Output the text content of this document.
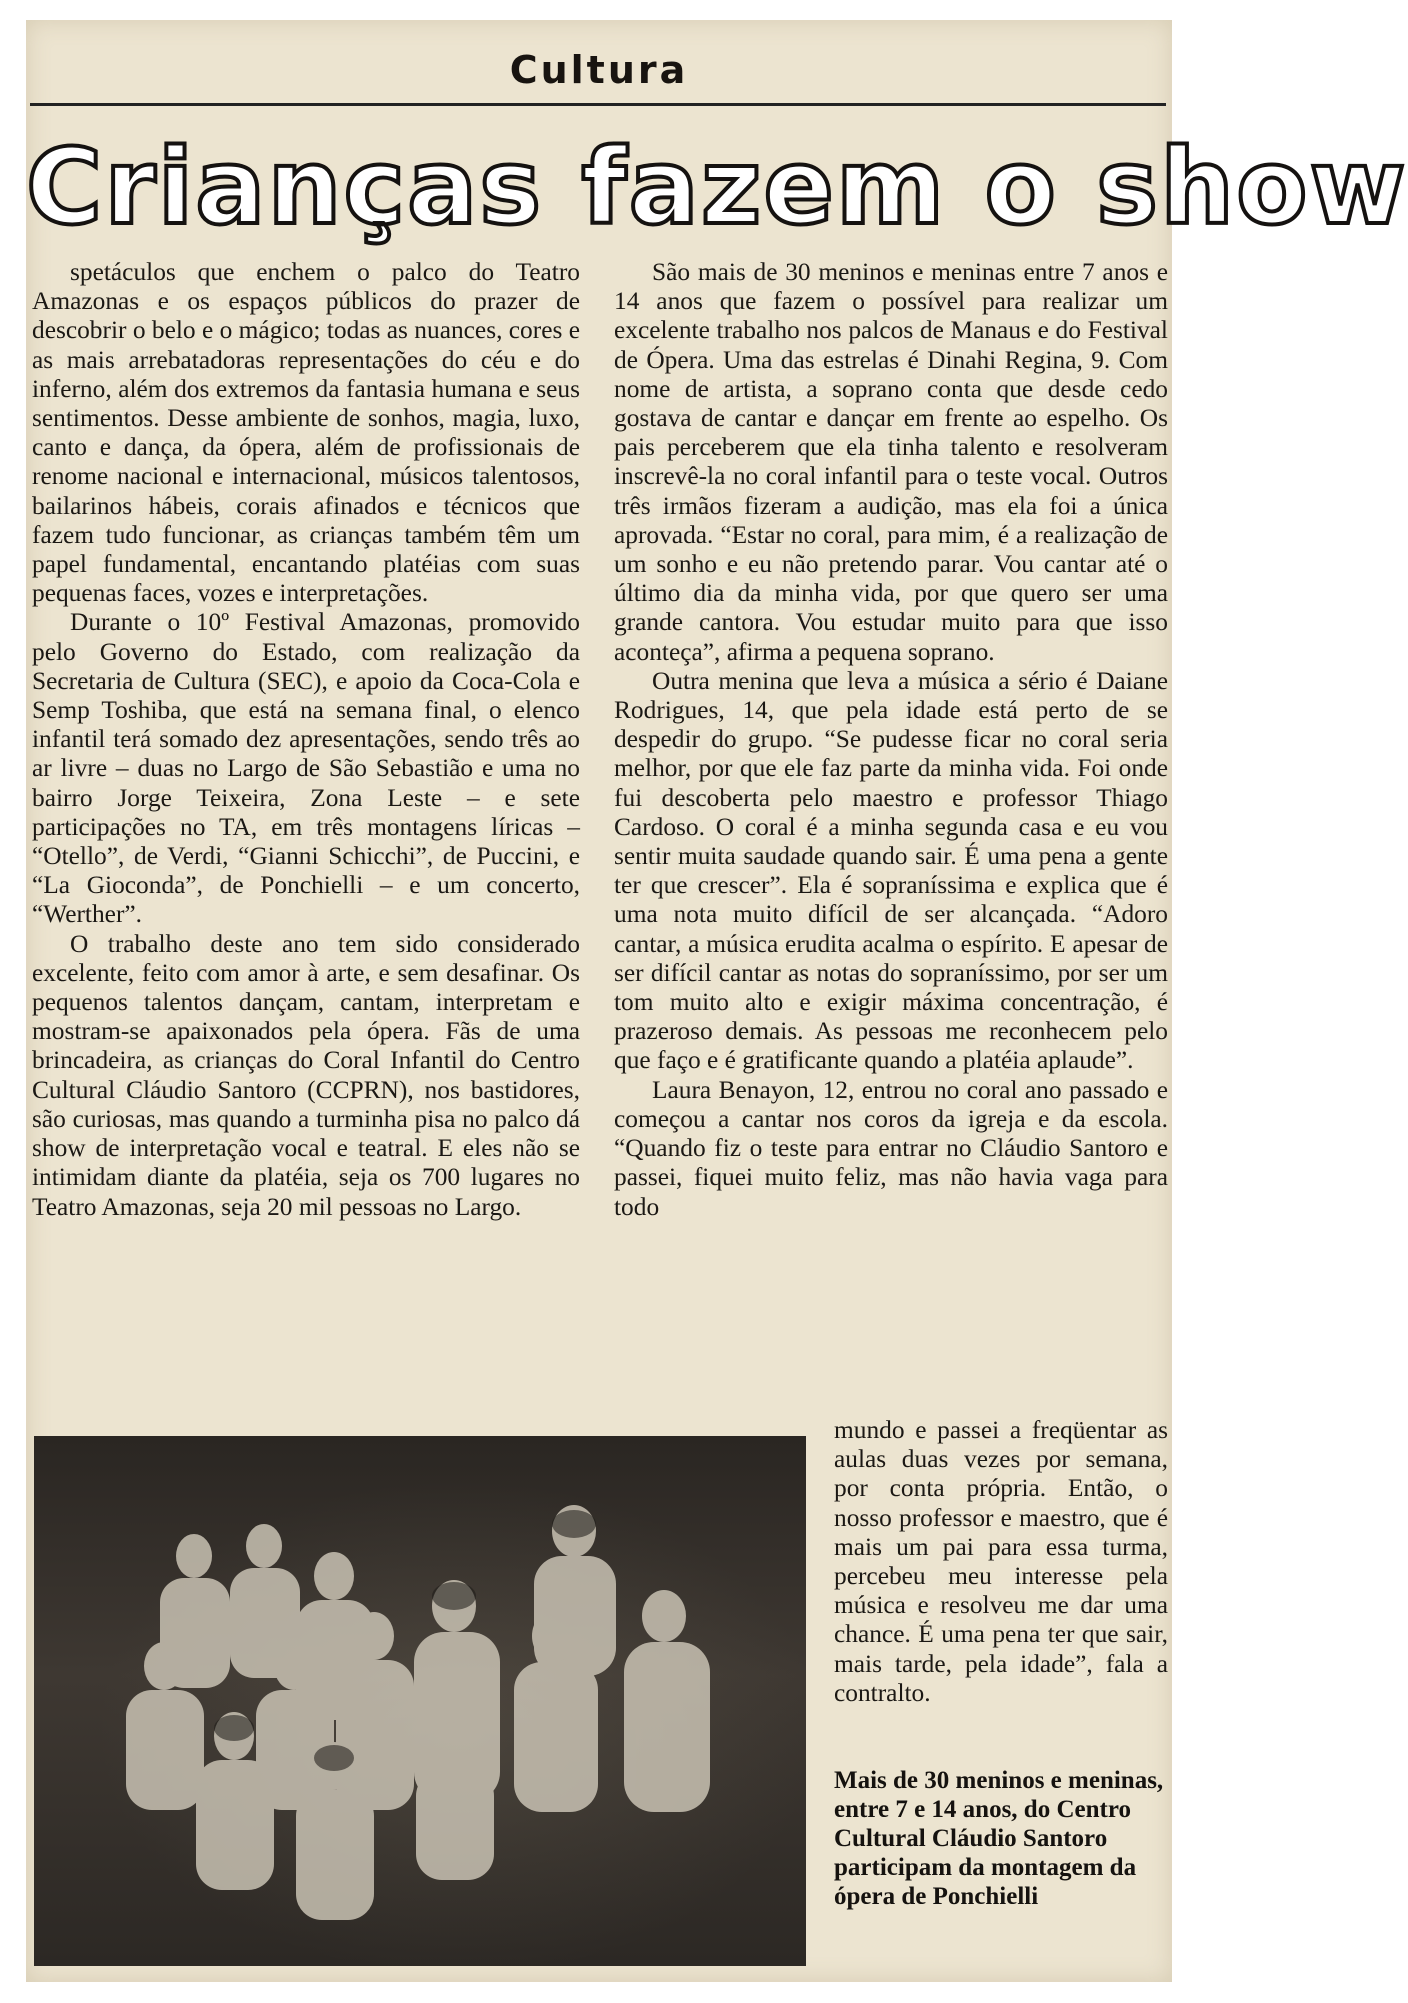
Cultura
Crianças fazem o show

spetáculos que enchem o palco do Teatro Amazonas e os espaços públicos do prazer de descobrir o belo e o mágico; todas as nuances, cores e as mais arrebatadoras representações do céu e do inferno, além dos extremos da fantasia humana e seus sentimentos. Desse ambiente de sonhos, magia, luxo, canto e dança, da ópera, além de profissionais de renome nacional e internacional, músicos talentosos, bailarinos hábeis, corais afinados e técnicos que fazem tudo funcionar, as crianças também têm um papel fundamental, encantando platéias com suas pequenas faces, vozes e interpretações.

Durante o 10º Festival Amazonas, promovido pelo Governo do Estado, com realização da Secretaria de Cultura (SEC), e apoio da Coca-Cola e Semp Toshiba, que está na semana final, o elenco infantil terá somado dez apresentações, sendo três ao ar livre – duas no Largo de São Sebastião e uma no bairro Jorge Teixeira, Zona Leste – e sete participações no TA, em três montagens líricas – “Otello”, de Verdi, “Gianni Schicchi”, de Puccini, e “La Gioconda”, de Ponchielli – e um concerto, “Werther”.

O trabalho deste ano tem sido considerado excelente, feito com amor à arte, e sem desafinar. Os pequenos talentos dançam, cantam, interpretam e mostram-se apaixonados pela ópera. Fãs de uma brincadeira, as crianças do Coral Infantil do Centro Cultural Cláudio Santoro (CCPRN), nos bastidores, são curiosas, mas quando a turminha pisa no palco dá show de interpretação vocal e teatral. E eles não se intimidam diante da platéia, seja os 700 lugares no Teatro Amazonas, seja 20 mil pessoas no Largo.

São mais de 30 meninos e meninas entre 7 anos e 14 anos que fazem o possível para realizar um excelente trabalho nos palcos de Manaus e do Festival de Ópera. Uma das estrelas é Dinahi Regina, 9. Com nome de artista, a soprano conta que desde cedo gostava de cantar e dançar em frente ao espelho. Os pais perceberem que ela tinha talento e resolveram inscrevê-la no coral infantil para o teste vocal. Outros três irmãos fizeram a audição, mas ela foi a única aprovada. “Estar no coral, para mim, é a realização de um sonho e eu não pretendo parar. Vou cantar até o último dia da minha vida, por que quero ser uma grande cantora. Vou estudar muito para que isso aconteça”, afirma a pequena soprano.

Outra menina que leva a música a sério é Daiane Rodrigues, 14, que pela idade está perto de se despedir do grupo. “Se pudesse ficar no coral seria melhor, por que ele faz parte da minha vida. Foi onde fui descoberta pelo maestro e professor Thiago Cardoso. O coral é a minha segunda casa e eu vou sentir muita saudade quando sair. É uma pena a gente ter que crescer”. Ela é sopraníssima e explica que é uma nota muito difícil de ser alcançada. “Adoro cantar, a música erudita acalma o espírito. E apesar de ser difícil cantar as notas do sopraníssimo, por ser um tom muito alto e exigir máxima concentração, é prazeroso demais. As pessoas me reconhecem pelo que faço e é gratificante quando a platéia aplaude”.

Laura Benayon, 12, entrou no coral ano passado e começou a cantar nos coros da igreja e da escola. “Quando fiz o teste para entrar no Cláudio Santoro e passei, fiquei muito feliz, mas não havia vaga para todo

mundo e passei a freqüentar as aulas duas vezes por semana, por conta própria. Então, o nosso professor e maestro, que é mais um pai para essa turma, percebeu meu interesse pela música e resolveu me dar uma chance. É uma pena ter que sair, mais tarde, pela idade”, fala a contralto.

Mais de 30 meninos e meninas, entre 7 e 14 anos, do Centro Cultural Cláudio Santoro participam da montagem da ópera de Ponchielli
